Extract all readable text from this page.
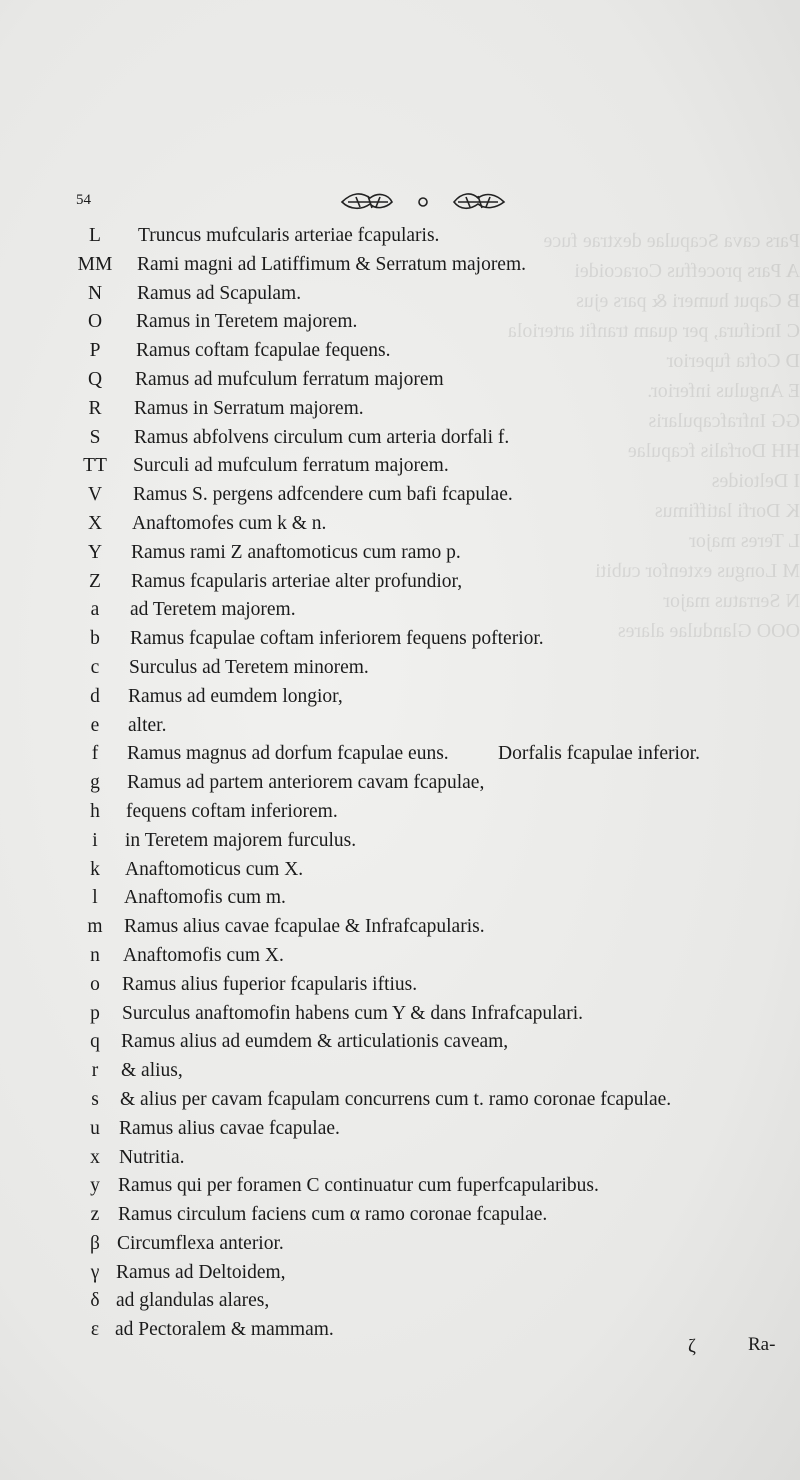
Pars cava Scapulae dextrae fuce
A Pars proceffus Coracoidei
B Caput humeri & pars ejus
C Incifura, per quam tranfit arteriola
D Cofta fuperior
E Angulus inferior.
GG Infrafcapularis
HH Dorfalis fcapulae
I Deltoides
K Dorfi latiffimus
L Teres major
M Longus extenfor cubiti
N Serratus major
OOO Glandulae alares
54
L	Truncus mufcularis arteriae fcapularis.
MM Rami magni ad Latiffimum & Serratum majorem.
N	Ramus ad Scapulam.
O	Ramus in Teretem majorem.
P	Ramus coftam fcapulae fequens.
Q	Ramus ad mufculum ferratum majorem
R	Ramus in Serratum majorem.
S	Ramus abfolvens circulum cum arteria dorfali f.
TT	Surculi ad mufculum ferratum majorem.
V	Ramus S. pergens adfcendere cum bafi fcapulae.
X	Anaftomofes cum k & n.
Y	Ramus rami Z anaftomoticus cum ramo p.
Z	Ramus fcapularis arteriae alter profundior,
a	ad Teretem majorem.
b	Ramus fcapulae coftam inferiorem fequens pofterior.
c	Surculus ad Teretem minorem.
d	Ramus ad eumdem longior,
e	alter.
f	Ramus magnus ad dorfum fcapulae euns.	Dorfalis fcapulae inferior.
g	Ramus ad partem anteriorem cavam fcapulae,
h	fequens coftam inferiorem.
i	in Teretem majorem furculus.
k	Anaftomoticus cum X.
l	Anaftomofis cum m.
m	Ramus alius cavae fcapulae & Infrafcapularis.
n	Anaftomofis cum X.
o	Ramus alius fuperior fcapularis iftius.
p	Surculus anaftomofin habens cum Y & dans Infrafcapulari.
q	Ramus alius ad eumdem & articulationis caveam,
r	& alius,
s	& alius per cavam fcapulam concurrens cum t. ramo coronae fcapulae.
u Ramus alius cavae fcapulae.
x Nutritia.
y Ramus qui per foramen C continuatur cum fuperfcapularibus.
z Ramus circulum faciens cum α ramo coronae fcapulae.
β Circumflexa anterior.
γ Ramus ad Deltoidem,
δ ad glandulas alares,
ε ad Pectoralem & mammam.
ζ	Ra-
